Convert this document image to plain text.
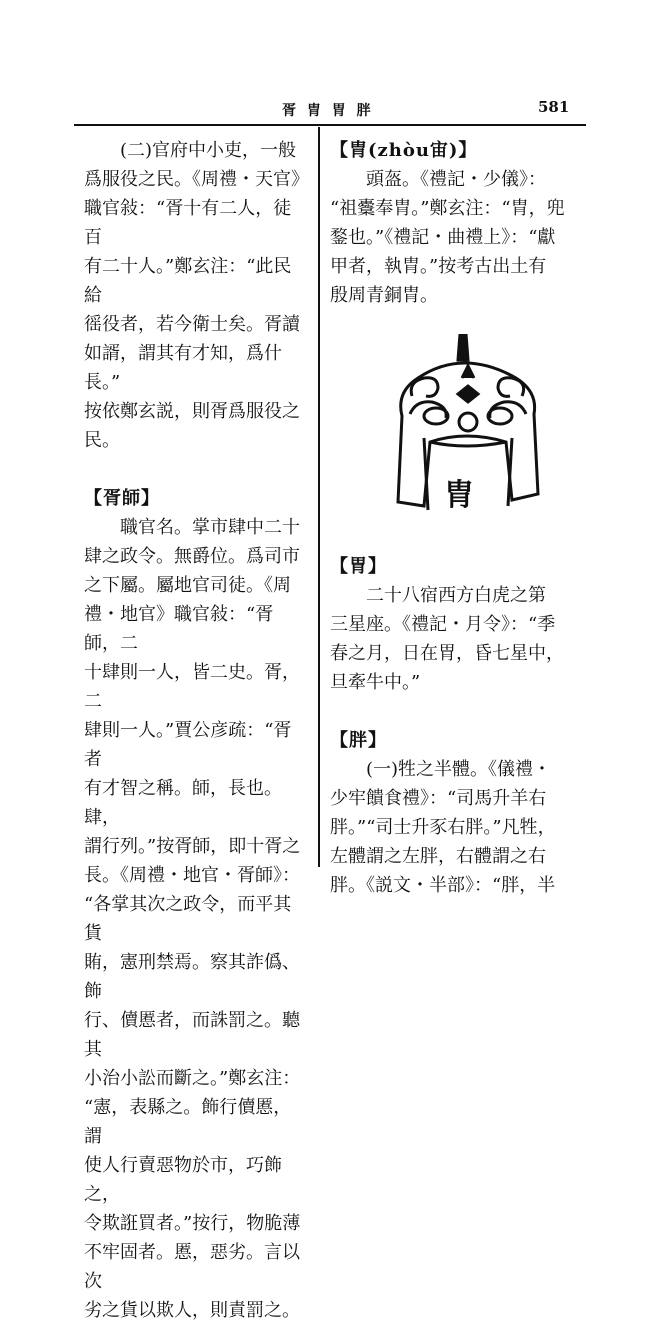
胥 胄 胃 胖	581

(二)官府中小吏，一般

爲服役之民。《周禮・天官》

職官敍：“胥十有二人，徒百

有二十人。”鄭玄注：“此民給

徭役者，若今衛士矣。胥讀

如諝，謂其有才知，爲什長。”

按依鄭玄説，則胥爲服役之

民。

【胥師】

職官名。掌市肆中二十

肆之政令。無爵位。爲司市

之下屬。屬地官司徒。《周

禮・地官》職官敍：“胥師，二

十肆則一人，皆二史。胥，二

肆則一人。”賈公彦疏：“胥者

有才智之稱。師，長也。肆，

謂行列。”按胥師，即十胥之

長。《周禮・地官・胥師》：

“各掌其次之政令，而平其貨

賄，憲刑禁焉。察其詐僞、飾

行、儥慝者，而誅罰之。聽其

小治小訟而斷之。”鄭玄注：

“憲，表縣之。飾行儥慝，謂

使人行賣惡物於市，巧飾之，

令欺誑買者。”按行，物脆薄

不牢固者。慝，惡劣。言以次

劣之貨以欺人，則責罰之。

【胄(zhòu宙)】

頭盔。《禮記・少儀》：

“祖櫜奉胄。”鄭玄注：“胄，兜

鍪也。”《禮記・曲禮上》：“獻

甲者，執胄。”按考古出土有

殷周青銅胄。

【胃】

二十八宿西方白虎之第

三星座。《禮記・月令》：“季

春之月，日在胃，昏七星中，

旦牽牛中。”

【胖】

(一)牲之半體。《儀禮・

少牢饋食禮》：“司馬升羊右

胖。”“司士升豕右胖。”凡牲，

左體謂之左胖，右體謂之右

胖。《説文・半部》：“胖，半

胄
